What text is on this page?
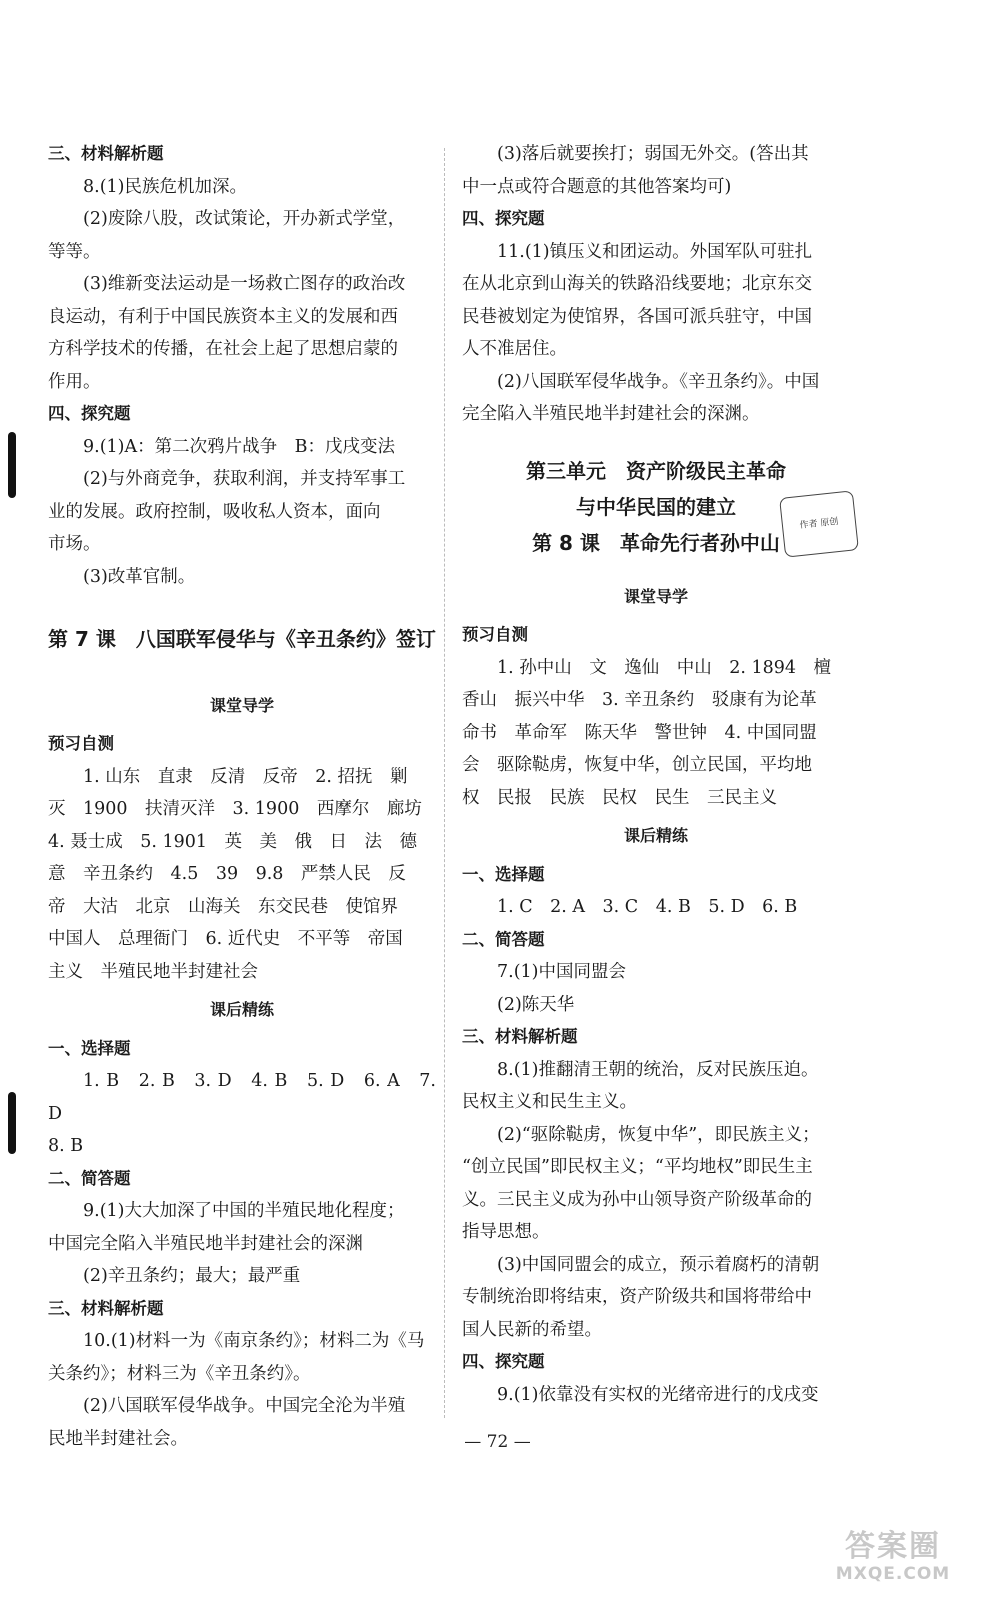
三、材料解析题

8.(1)民族危机加深。

(2)废除八股，改试策论，开办新式学堂，

等等。

(3)维新变法运动是一场救亡图存的政治改

良运动，有利于中国民族资本主义的发展和西

方科学技术的传播，在社会上起了思想启蒙的

作用。

四、探究题

9.(1)A：第二次鸦片战争　B：戊戌变法

(2)与外商竞争，获取利润，并支持军事工

业的发展。政府控制，吸收私人资本，面向

市场。

(3)改革官制。

第 7 课　八国联军侵华与《辛丑条约》签订

课堂导学

预习自测

1. 山东　直隶　反清　反帝　2. 招抚　剿

灭　1900　扶清灭洋　3. 1900　西摩尔　廊坊

4. 聂士成　5. 1901　英　美　俄　日　法　德

意　辛丑条约　4.5　39　9.8　严禁人民　反

帝　大沽　北京　山海关　东交民巷　使馆界

中国人　总理衙门　6. 近代史　不平等　帝国

主义　半殖民地半封建社会

课后精练

一、选择题

1. B　2. B　3. D　4. B　5. D　6. A　7. D

8. B

二、简答题

9.(1)大大加深了中国的半殖民地化程度；

中国完全陷入半殖民地半封建社会的深渊

(2)辛丑条约；最大；最严重

三、材料解析题

10.(1)材料一为《南京条约》；材料二为《马

关条约》；材料三为《辛丑条约》。

(2)八国联军侵华战争。中国完全沦为半殖

民地半封建社会。

(3)落后就要挨打；弱国无外交。(答出其

中一点或符合题意的其他答案均可)

四、探究题

11.(1)镇压义和团运动。外国军队可驻扎

在从北京到山海关的铁路沿线要地；北京东交

民巷被划定为使馆界，各国可派兵驻守，中国

人不准居住。

(2)八国联军侵华战争。《辛丑条约》。中国

完全陷入半殖民地半封建社会的深渊。

第三单元　资产阶级民主革命

与中华民国的建立

第 8 课　革命先行者孙中山

课堂导学

预习自测

1. 孙中山　文　逸仙　中山　2. 1894　檀

香山　振兴中华　3. 辛丑条约　驳康有为论革

命书　革命军　陈天华　警世钟　4. 中国同盟

会　驱除鞑虏，恢复中华，创立民国，平均地

权　民报　民族　民权　民生　三民主义

课后精练

一、选择题

1. C　2. A　3. C　4. B　5. D　6. B

二、简答题

7.(1)中国同盟会

(2)陈天华

三、材料解析题

8.(1)推翻清王朝的统治，反对民族压迫。

民权主义和民生主义。

(2)“驱除鞑虏，恢复中华”，即民族主义；

“创立民国”即民权主义；“平均地权”即民生主

义。三民主义成为孙中山领导资产阶级革命的

指导思想。

(3)中国同盟会的成立，预示着腐朽的清朝

专制统治即将结束，资产阶级共和国将带给中

国人民新的希望。

四、探究题

9.(1)依靠没有实权的光绪帝进行的戊戌变

作者 原创
— 72 —
答案圈
MXQE.COM
